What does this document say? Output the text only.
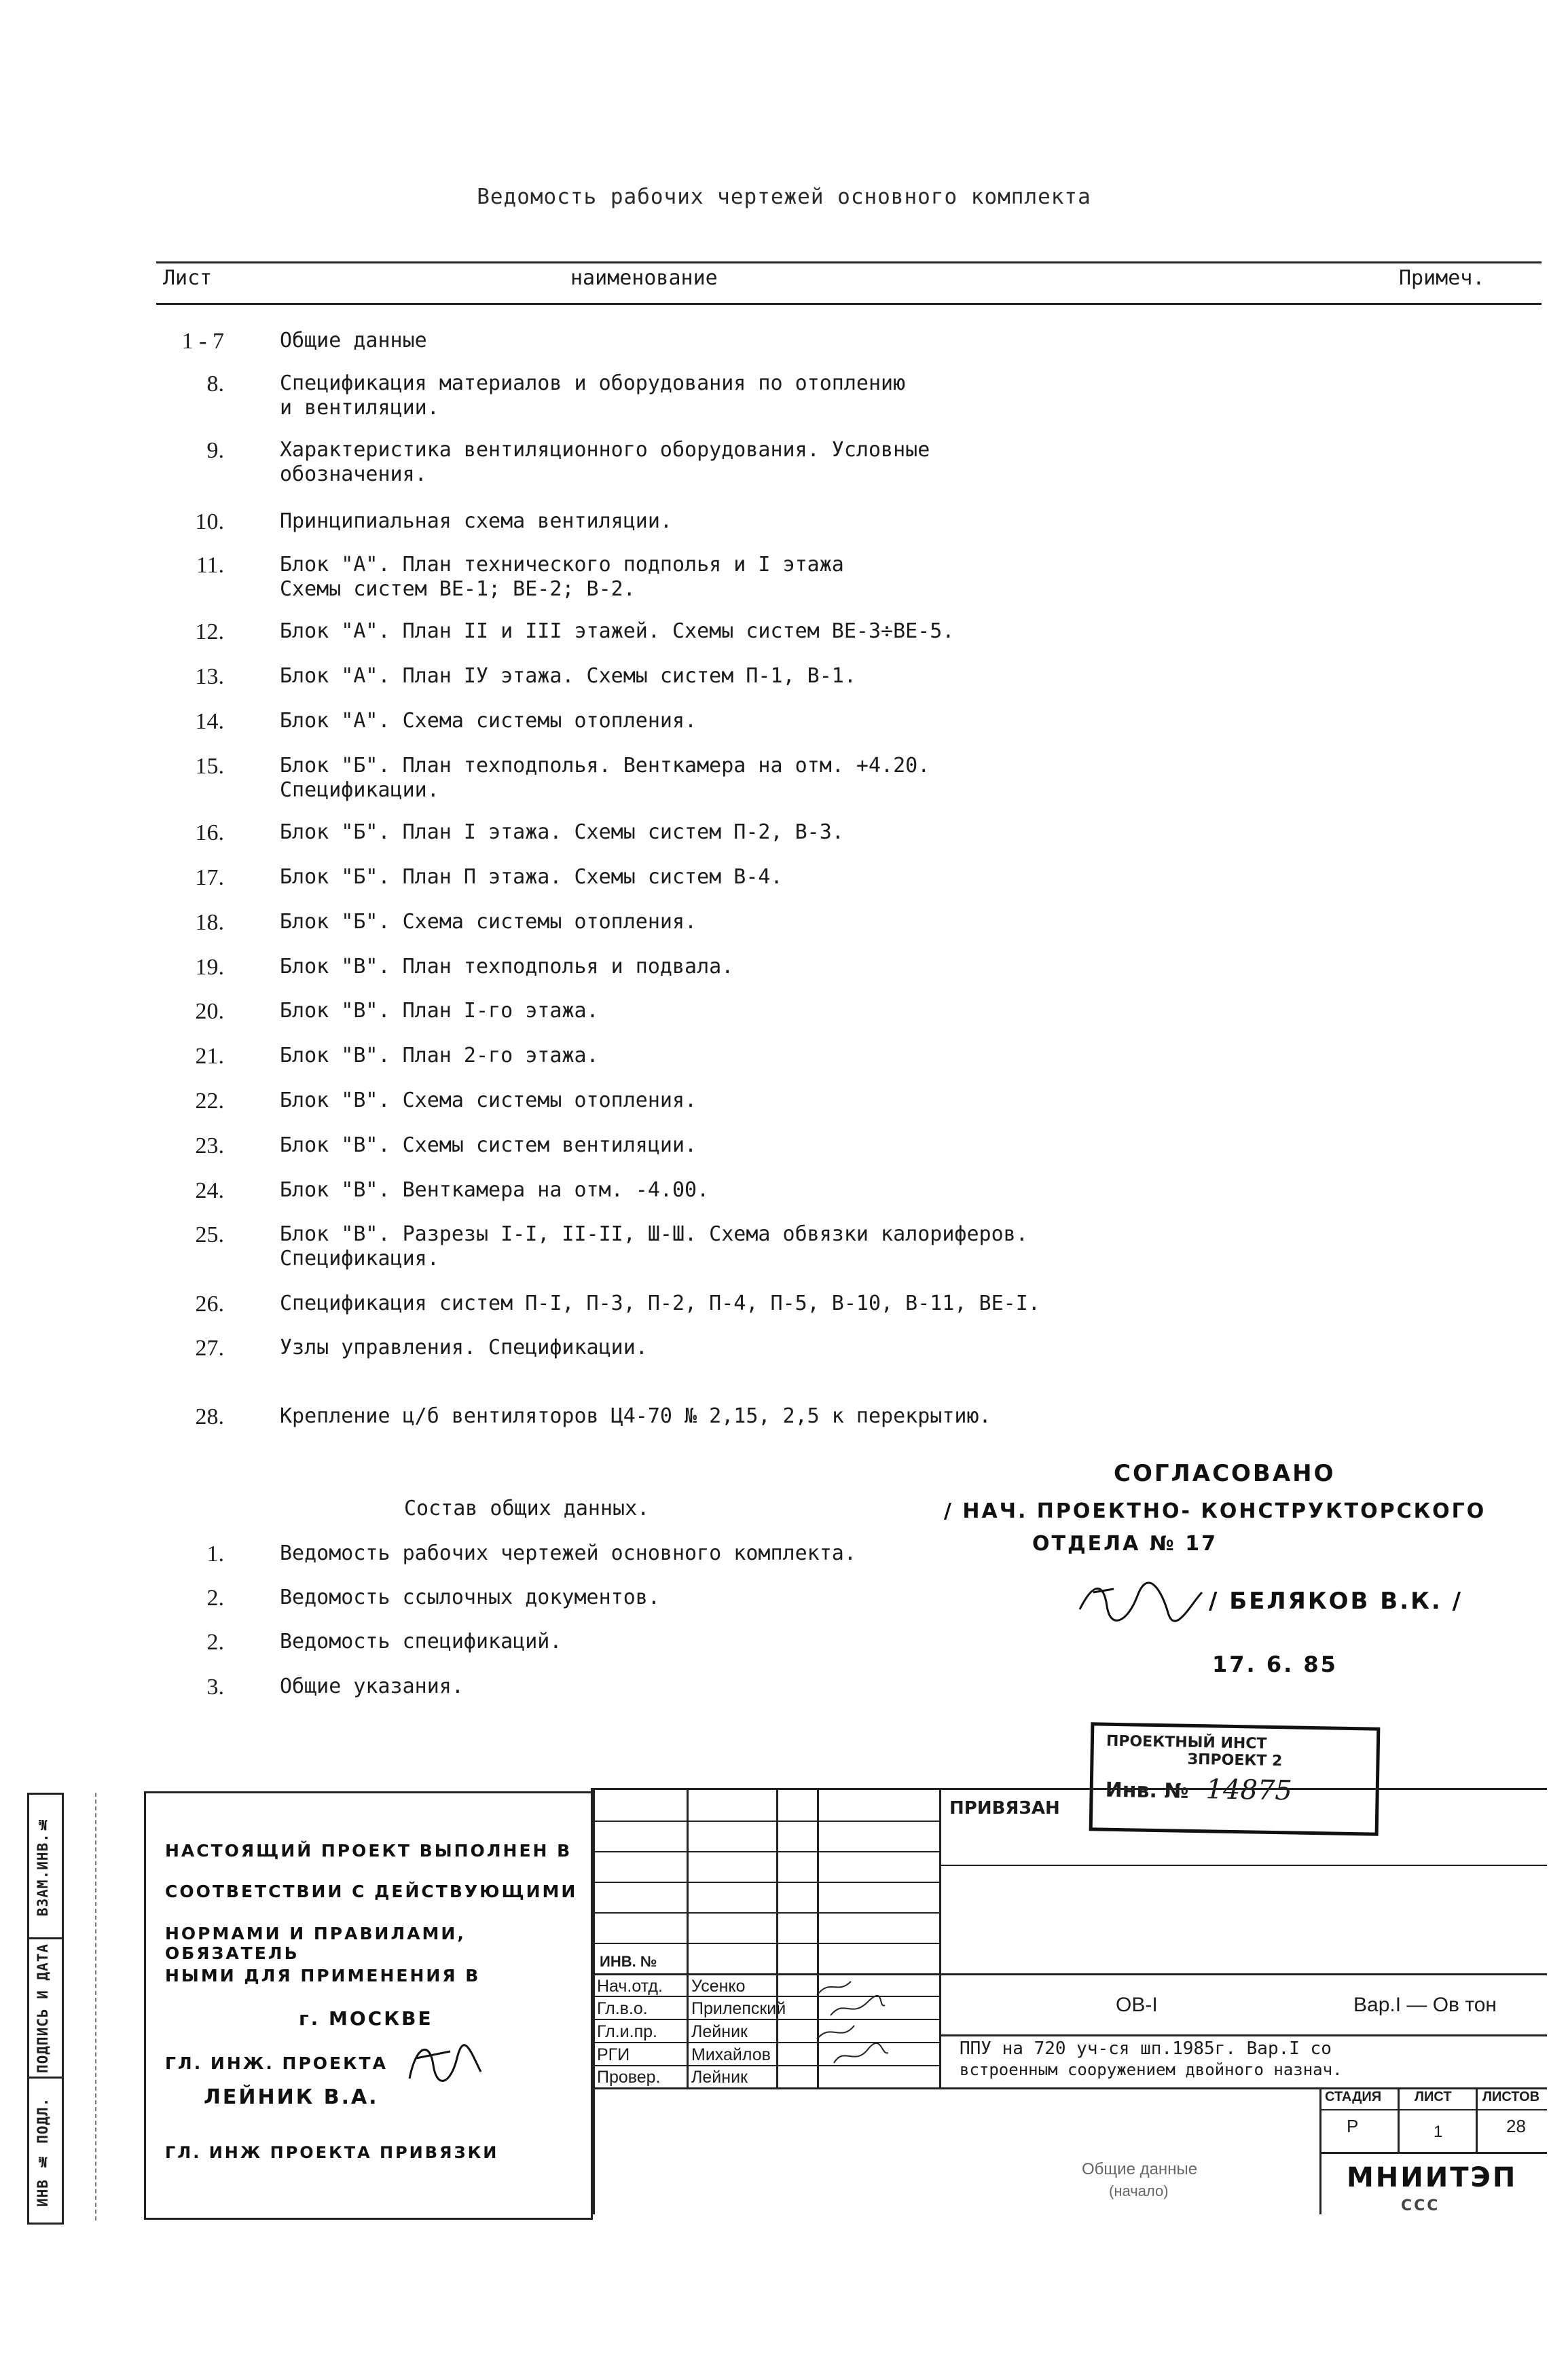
Ведомость рабочих чертежей основного комплекта
Лист	наименование	Примеч.
1 - 7	Общие данные
8.	Спецификация материалов и оборудования по отоплению
и вентиляции.
9.	Характеристика вентиляционного оборудования. Условные
обозначения.
10.	Принципиальная схема вентиляции.
11.	Блок "А". План технического подполья и I этажа
Схемы систем ВЕ-1; ВЕ-2; В-2.
12.	Блок "А". План II и III этажей. Схемы систем ВЕ-3÷ВЕ-5.
13.	Блок "А". План IУ этажа. Схемы систем П-1, В-1.
14.	Блок "А". Схема системы отопления.
15.	Блок "Б". План техподполья. Венткамера на отм. +4.20.
Спецификации.
16.	Блок "Б". План I этажа. Схемы систем П-2, В-3.
17.	Блок "Б". План П этажа. Схемы систем В-4.
18.	Блок "Б". Схема системы отопления.
19.	Блок "В". План техподполья и подвала.
20.	Блок "В". План I-го этажа.
21.	Блок "В". План 2-го этажа.
22.	Блок "В". Схема системы отопления.
23.	Блок "В". Схемы систем вентиляции.
24.	Блок "В". Венткамера на отм. -4.00.
25.	Блок "В". Разрезы I-I, II-II, Ш-Ш. Схема обвязки калориферов.
Спецификация.
26.	Спецификация систем П-I, П-3, П-2, П-4, П-5, В-10, В-11, ВЕ-I.
27.	Узлы управления. Спецификации.
28.	Крепление ц/б вентиляторов Ц4-70 № 2,15, 2,5 к перекрытию.
Состав общих данных.
1.	Ведомость рабочих чертежей основного комплекта.
2.	Ведомость ссылочных документов.
2.	Ведомость спецификаций.
3.	Общие указания.
СОГЛАСОВАНО
/ НАЧ. ПРОЕКТНО- КОНСТРУКТОРСКОГО
ОТДЕЛА № 17
/ БЕЛЯКОВ В.К. /
17. 6. 85
ПРОЕКТНЫЙ ИНСТ
ЗПРОЕКТ 2
Инв. № 14875
ИНВ № ПОДЛ.
ПОДПИСЬ И ДАТА
ВЗАМ.ИНВ.№	НАСТОЯЩИЙ ПРОЕКТ ВЫПОЛНЕН В
СООТВЕТСТВИИ С ДЕЙСТВУЮЩИМИ
НОРМАМИ И ПРАВИЛАМИ, ОБЯЗАТЕЛЬ
НЫМИ ДЛЯ ПРИМЕНЕНИЯ В
г. МОСКВЕ
ГЛ. ИНЖ. ПРОЕКТА
ЛЕЙНИК В.А.
ГЛ. ИНЖ ПРОЕКТА ПРИВЯЗКИ
ПРИВЯЗАН
ИНВ. №
Нач.отд. Усенко
Гл.в.о.	Прилепский
Гл.и.пр. Лейник
РГИ	Михайлов
Провер. Лейник
ОВ-I	Вар.I — Ов тон
ППУ на 720 уч-ся шп.1985г. Вар.I со
встроенным сооружением двойного назнач.
СТАДИЯ ЛИСТ ЛИСТОВ
Р	1	28
Общие данные
(начало)	МНИИТЭП
ССС
